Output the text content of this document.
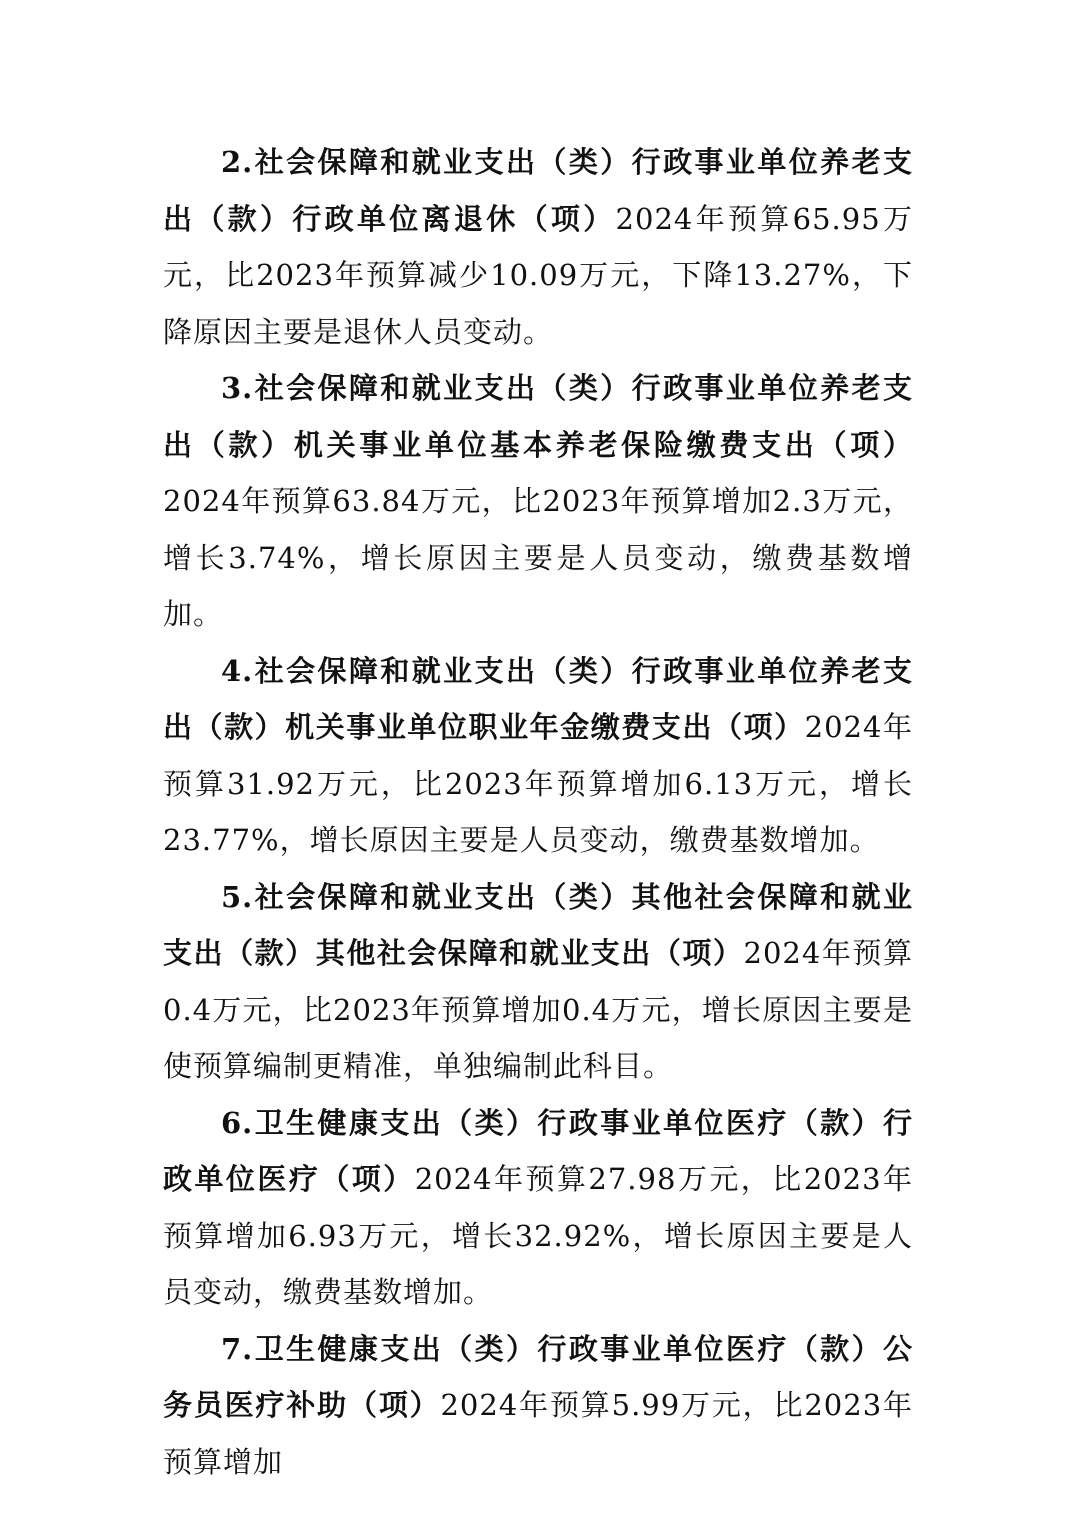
2.社会保障和就业支出（类）行政事业单位养老支出（款）行政单位离退休（项）2024年预算65.95万元，比2023年预算减少10.09万元，下降13.27%，下降原因主要是退休人员变动。

3.社会保障和就业支出（类）行政事业单位养老支出（款）机关事业单位基本养老保险缴费支出（项）2024年预算63.84万元，比2023年预算增加2.3万元，增长3.74%，增长原因主要是人员变动，缴费基数增加。

4.社会保障和就业支出（类）行政事业单位养老支出（款）机关事业单位职业年金缴费支出（项）2024年预算31.92万元，比2023年预算增加6.13万元，增长23.77%，增长原因主要是人员变动，缴费基数增加。

5.社会保障和就业支出（类）其他社会保障和就业支出（款）其他社会保障和就业支出（项）2024年预算0.4万元，比2023年预算增加0.4万元，增长原因主要是使预算编制更精准，单独编制此科目。

6.卫生健康支出（类）行政事业单位医疗（款）行政单位医疗（项）2024年预算27.98万元，比2023年预算增加6.93万元，增长32.92%，增长原因主要是人员变动，缴费基数增加。

7.卫生健康支出（类）行政事业单位医疗（款）公务员医疗补助（项）2024年预算5.99万元，比2023年预算增加
